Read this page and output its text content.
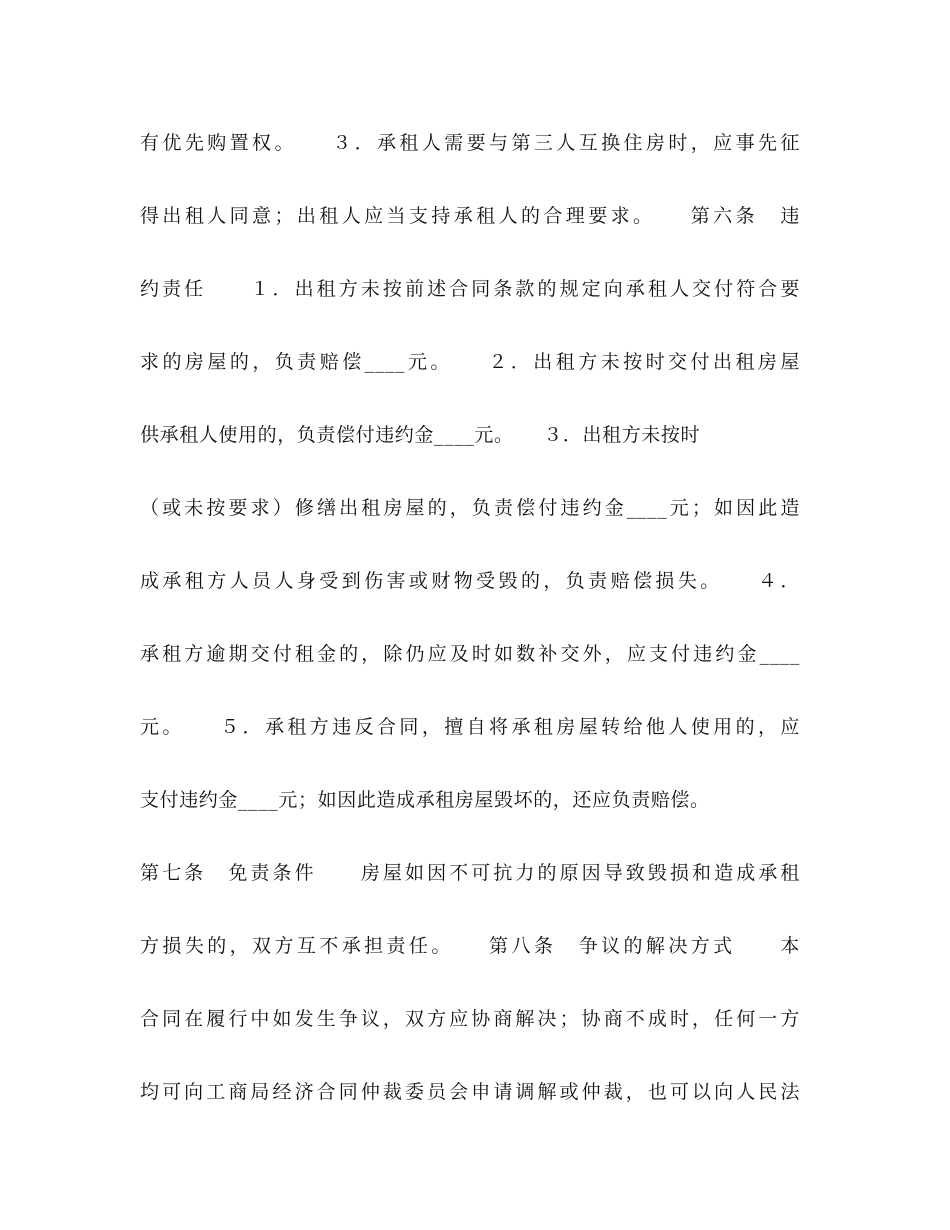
有优先购置权。　　３．承租人需要与第三人互换住房时，应事先征
得出租人同意；出租人应当支持承租人的合理要求。　　第六条　违
约责任　　１．出租方未按前述合同条款的规定向承租人交付符合要
求的房屋的，负责赔偿____元。　　２．出租方未按时交付出租房屋
供承租人使用的，负责偿付违约金____元。　　３．出租方未按时
（或未按要求）修缮出租房屋的，负责偿付违约金____元；如因此造
成承租方人员人身受到伤害或财物受毁的，负责赔偿损失。　　４．
承租方逾期交付租金的，除仍应及时如数补交外，应支付违约金____
元。　　５．承租方违反合同，擅自将承租房屋转给他人使用的，应
支付违约金____元；如因此造成承租房屋毁坏的，还应负责赔偿。
第七条　免责条件　　房屋如因不可抗力的原因导致毁损和造成承租
方损失的，双方互不承担责任。　　第八条　争议的解决方式　　本
合同在履行中如发生争议，双方应协商解决；协商不成时，任何一方
均可向工商局经济合同仲裁委员会申请调解或仲裁，也可以向人民法
